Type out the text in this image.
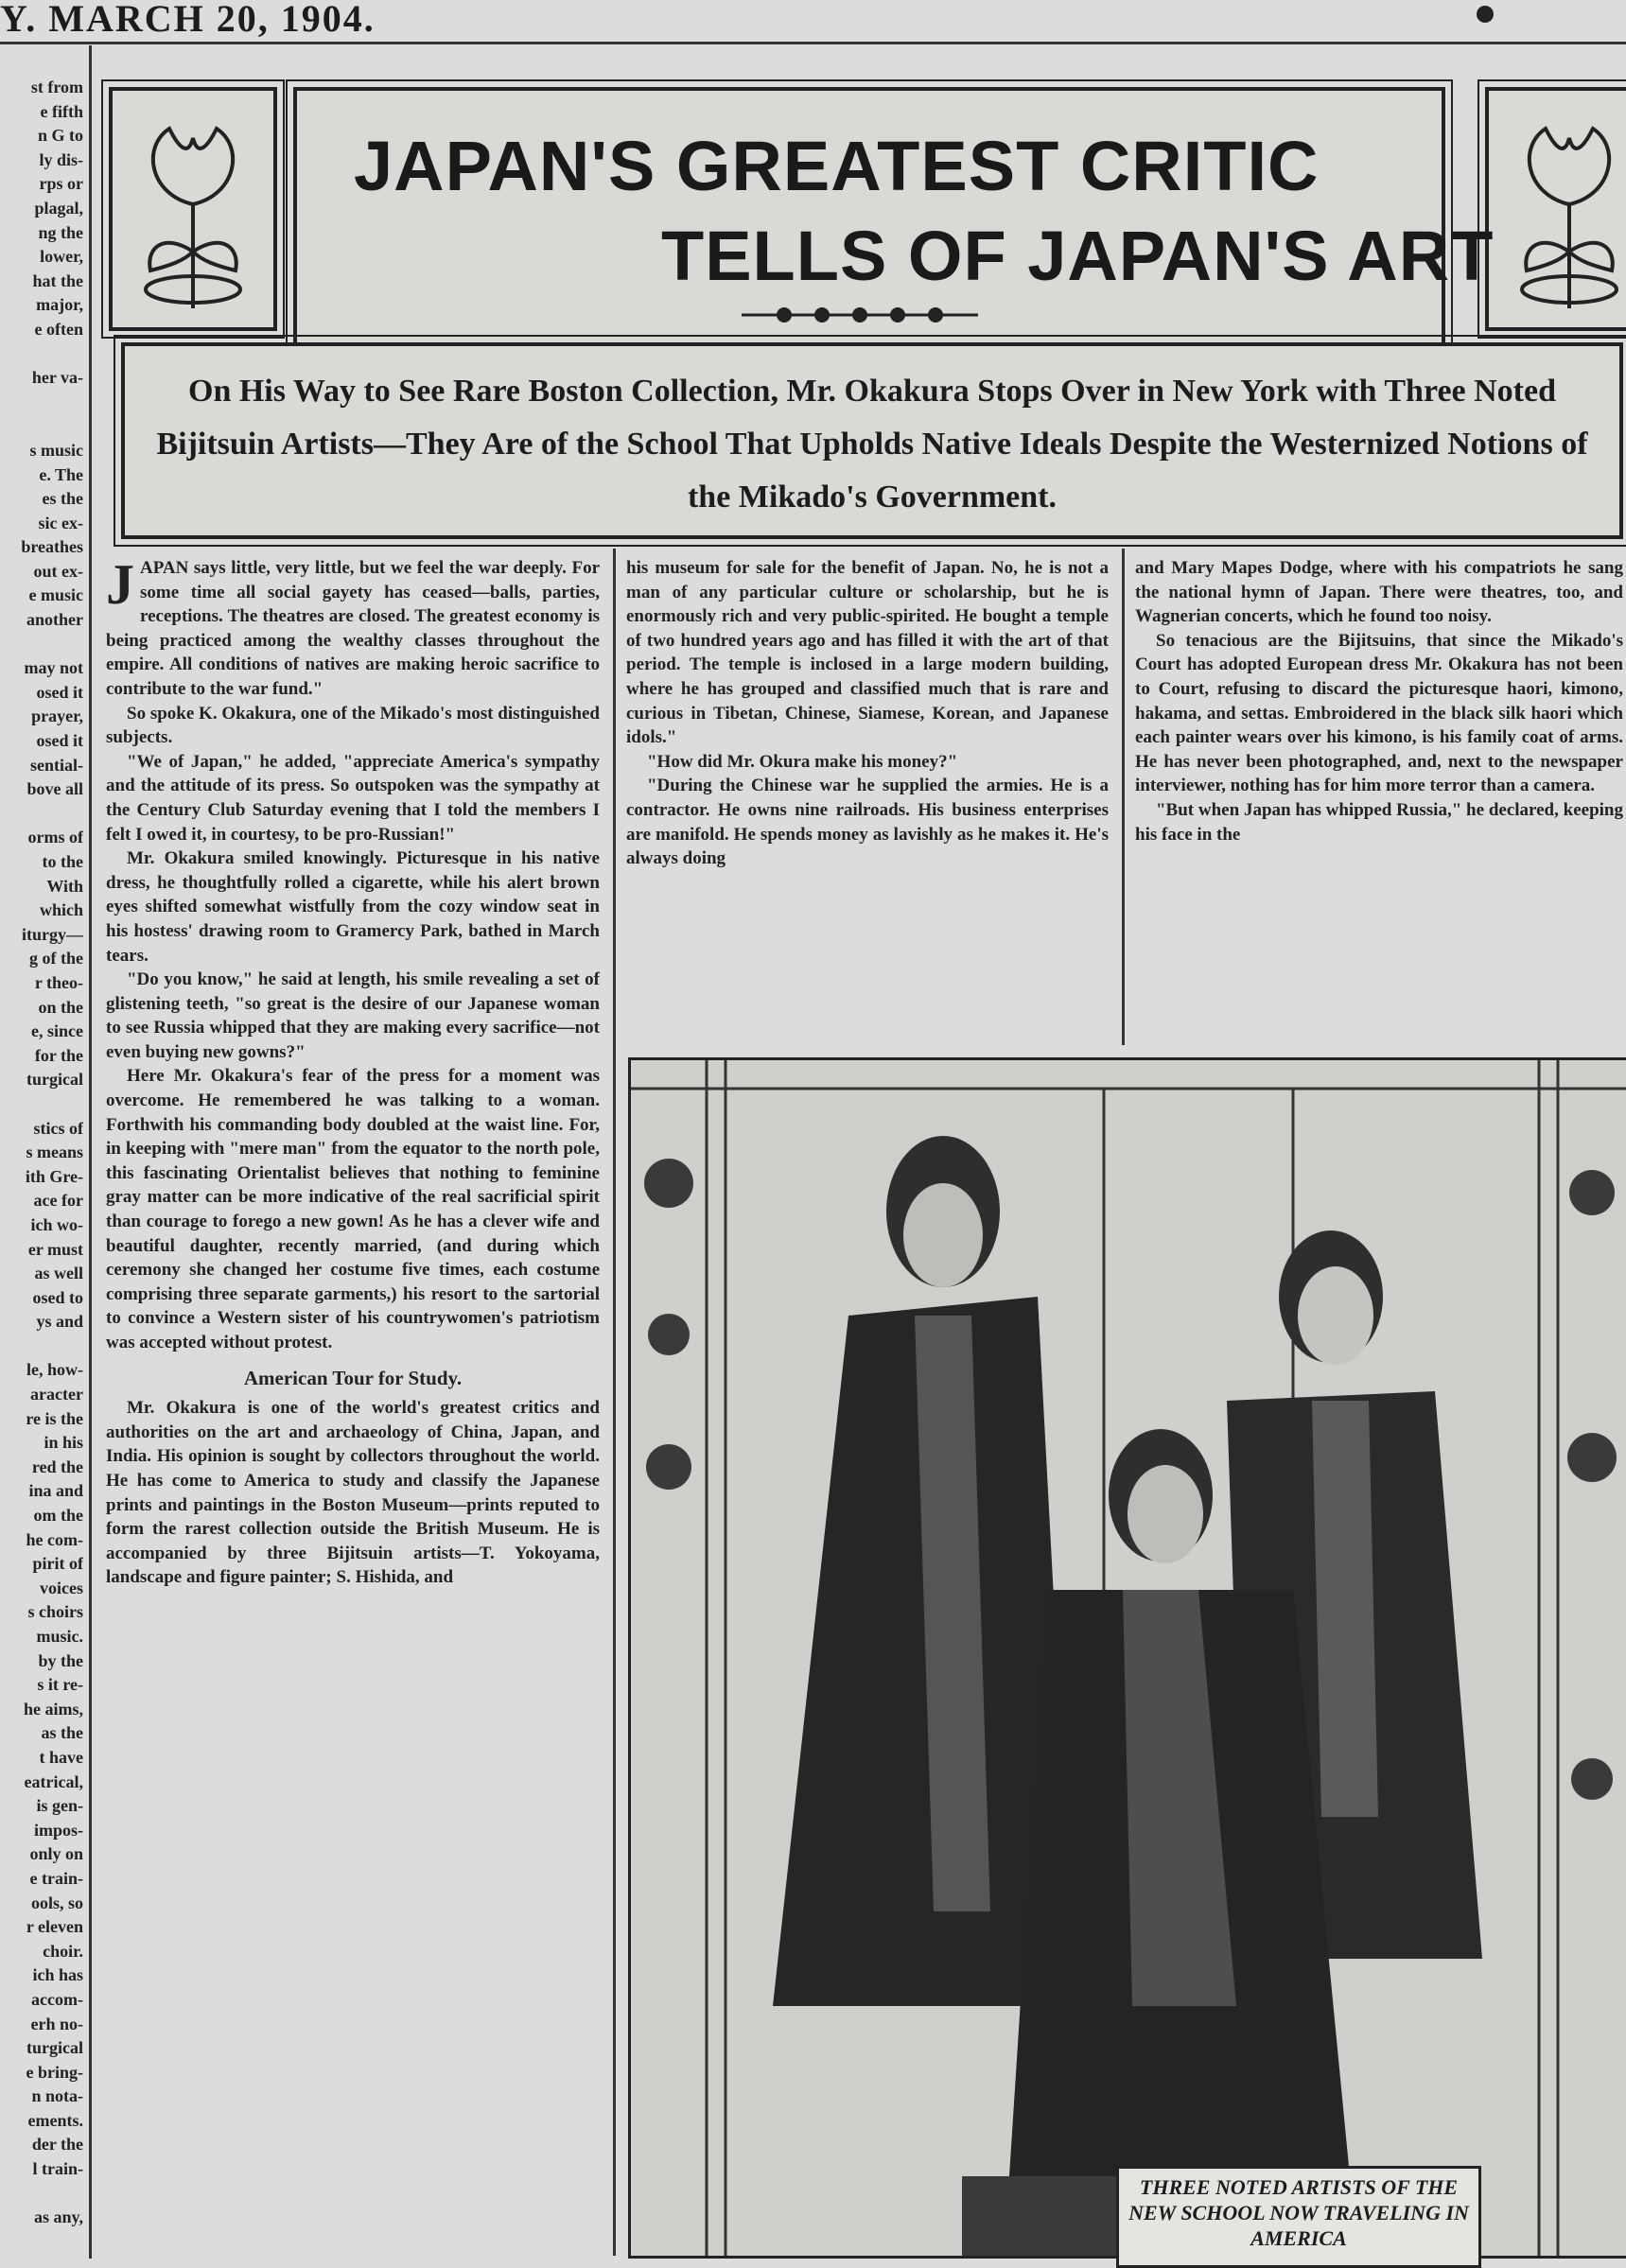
Y. MARCH 20, 1904.
st from
e fifth
n G to
ly dis-
rps or
plagal,
ng the
lower,
hat the
major,
e often
her va-
s music
e. The
es the
sic ex-
breathes
out ex-
e music
another
may not
osed it
prayer,
osed it
sential-
bove all
orms of
to the
With
which
iturgy—
g of the
r theo-
on the
e, since
for the
turgical
stics of
s means
ith Gre-
ace for
ich wo-
er must
as well
osed to
ys and
le, how-
aracter
re is the
in his
red the
ina and
om the
he com-
pirit of
voices
s choirs
music.
by the
s it re-
he aims,
as the
t have
eatrical,
is gen-
impos-
only on
e train-
ools, so
r eleven
choir.
ich has
accom-
erh no-
turgical
e bring-
n nota-
ements.
der the
l train-
as any,
JAPAN'S GREATEST CRITIC
TELLS OF JAPAN'S ART
On His Way to See Rare Boston Collection, Mr. Okakura Stops Over in New York with Three Noted Bijitsuin Artists—They Are of the School That Upholds Native Ideals Despite the Westernized Notions of the Mikado's Government.

JAPAN says little, very little, but we feel the war deeply. For some time all social gayety has ceased—balls, parties, receptions. The theatres are closed. The greatest economy is being practiced among the wealthy classes throughout the empire. All conditions of natives are making heroic sacrifice to contribute to the war fund."

So spoke K. Okakura, one of the Mikado's most distinguished subjects.

"We of Japan," he added, "appreciate America's sympathy and the attitude of its press. So outspoken was the sympathy at the Century Club Saturday evening that I told the members I felt I owed it, in courtesy, to be pro-Russian!"

Mr. Okakura smiled knowingly. Picturesque in his native dress, he thoughtfully rolled a cigarette, while his alert brown eyes shifted somewhat wistfully from the cozy window seat in his hostess' drawing room to Gramercy Park, bathed in March tears.

"Do you know," he said at length, his smile revealing a set of glistening teeth, "so great is the desire of our Japanese woman to see Russia whipped that they are making every sacrifice—not even buying new gowns?"

Here Mr. Okakura's fear of the press for a moment was overcome. He remembered he was talking to a woman. Forthwith his commanding body doubled at the waist line. For, in keeping with "mere man" from the equator to the north pole, this fascinating Orientalist believes that nothing to feminine gray matter can be more indicative of the real sacrificial spirit than courage to forego a new gown! As he has a clever wife and beautiful daughter, recently married, (and during which ceremony she changed her costume five times, each costume comprising three separate garments,) his resort to the sartorial to convince a Western sister of his countrywomen's patriotism was accepted without protest.

American Tour for Study.

Mr. Okakura is one of the world's greatest critics and authorities on the art and archaeology of China, Japan, and India. His opinion is sought by collectors throughout the world. He has come to America to study and classify the Japanese prints and paintings in the Boston Museum—prints reputed to form the rarest collection outside the British Museum. He is accompanied by three Bijitsuin artists—T. Yokoyama, landscape and figure painter; S. Hishida, and

his museum for sale for the benefit of Japan. No, he is not a man of any particular culture or scholarship, but he is enormously rich and very public-spirited. He bought a temple of two hundred years ago and has filled it with the art of that period. The temple is inclosed in a large modern building, where he has grouped and classified much that is rare and curious in Tibetan, Chinese, Siamese, Korean, and Japanese idols."

"How did Mr. Okura make his money?"

"During the Chinese war he supplied the armies. He is a contractor. He owns nine railroads. His business enterprises are manifold. He spends money as lavishly as he makes it. He's always doing

and Mary Mapes Dodge, where with his compatriots he sang the national hymn of Japan. There were theatres, too, and Wagnerian concerts, which he found too noisy.

So tenacious are the Bijitsuins, that since the Mikado's Court has adopted European dress Mr. Okakura has not been to Court, refusing to discard the picturesque haori, kimono, hakama, and settas. Embroidered in the black silk haori which each painter wears over his kimono, is his family coat of arms. He has never been photographed, and, next to the newspaper interviewer, nothing has for him more terror than a camera.

"But when Japan has whipped Russia," he declared, keeping his face in the

THREE NOTED ARTISTS OF THE NEW SCHOOL NOW TRAVELING IN AMERICA
